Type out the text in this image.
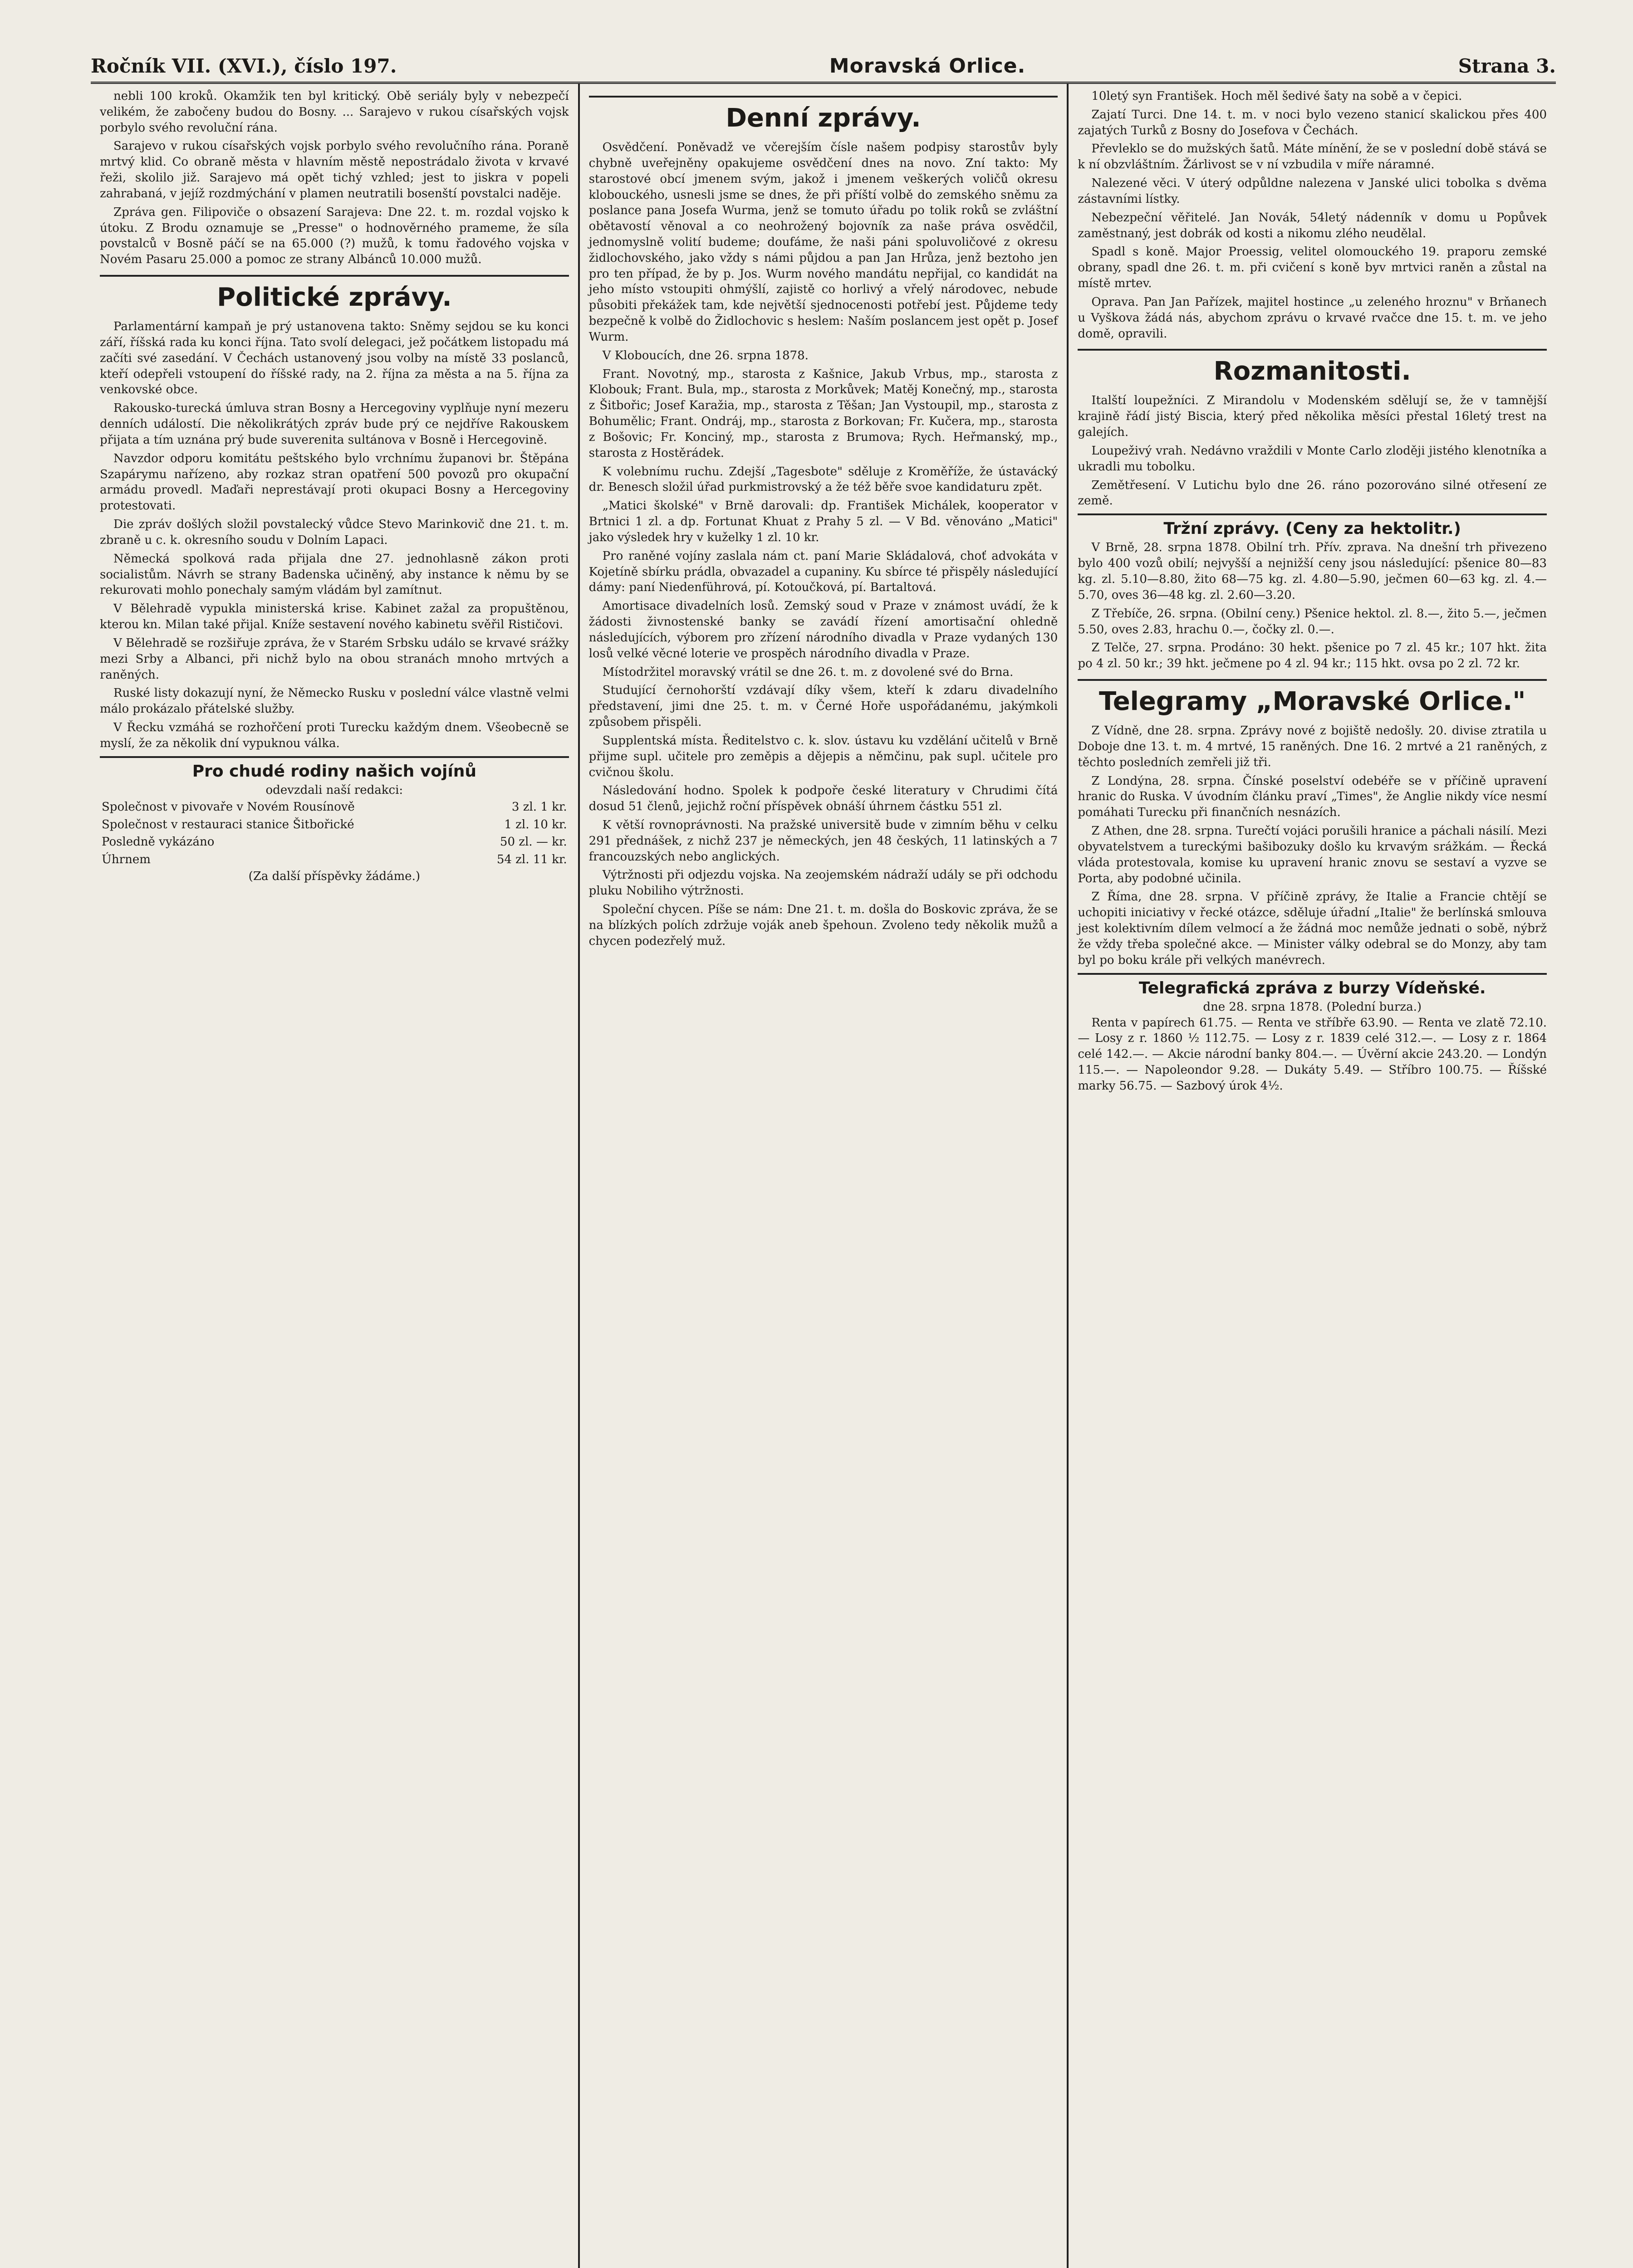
Ročník VII. (XVI.), číslo 197.	Moravská Orlice.	Strana 3.

nebli 100 kroků. Okamžik ten byl kritický. Obě seriály byly v nebezpečí velikém, že zabočeny budou do Bosny. ... Sarajevo v rukou císařských vojsk porbylo svého revoluční rána.

Sarajevo v rukou císařských vojsk porbylo svého revolučního rána. Poraně mrtvý klid. Co obraně města v hlavním městě nepostrádalo života v krvavé řeži, skolilo již. Sarajevo má opět tichý vzhled; jest to jiskra v popeli zahrabaná, v jejíž rozdmýchání v plamen neutratili bosenští povstalci naděje.

Zpráva gen. Filipoviče o obsazení Sarajeva: Dne 22. t. m. rozdal vojsko k útoku. Z Brodu oznamuje se „Presse" o hodnověrného prameme, že síla povstalců v Bosně páčí se na 65.000 (?) mužů, k tomu řadového vojska v Novém Pasaru 25.000 a pomoc ze strany Albánců 10.000 mužů.

Politické zprávy.

Parlamentární kampaň je prý ustanovena takto: Sněmy sejdou se ku konci září, říšská rada ku konci října. Tato svolí delegaci, jež počátkem listopadu má začíti své zasedání. V Čechách ustanovený jsou volby na místě 33 poslanců, kteří odepřeli vstoupení do říšské rady, na 2. října za města a na 5. října za venkovské obce.

Rakousko-turecká úmluva stran Bosny a Hercegoviny vyplňuje nyní mezeru denních událostí. Die několikrátých zpráv bude prý ce nejdříve Rakouskem přijata a tím uznána prý bude suverenita sultánova v Bosně i Hercegovině.

Navzdor odporu komitátu peštského bylo vrchnímu županovi br. Štěpána Szapárymu nařízeno, aby rozkaz stran opatření 500 povozů pro okupační armádu provedl. Maďaři neprestávají proti okupaci Bosny a Hercegoviny protestovati.

Die zpráv došlých složil povstalecký vůdce Stevo Marinkovič dne 21. t. m. zbraně u c. k. okresního soudu v Dolním Lapaci.

Německá spolková rada přijala dne 27. jednohlasně zákon proti socialistům. Návrh se strany Badenska učiněný, aby instance k němu by se rekurovati mohlo ponechaly samým vládám byl zamítnut.

V Bělehradě vypukla ministerská krise. Kabinet zažal za propuštěnou, kterou kn. Milan také přijal. Kníže sestavení nového kabinetu svěřil Rističovi.

V Bělehradě se rozšiřuje zpráva, že v Starém Srbsku událo se krvavé srážky mezi Srby a Albanci, při nichž bylo na obou stranách mnoho mrtvých a raněných.

Ruské listy dokazují nyní, že Německo Rusku v poslední válce vlastně velmi málo prokázalo přátelské služby.

V Řecku vzmáhá se rozhořčení proti Turecku každým dnem. Všeobecně se myslí, že za několik dní vypuknou válka.

Pro chudé rodiny našich vojínů
odevzdali naší redakci:
Společnost v pivovaře v Novém Rousínově	3 zl. 1 kr.
Společnost v restauraci stanice Šitbořické	1 zl. 10 kr.
Posledně vykázáno	50 zl. — kr.
Úhrnem	54 zl. 11 kr.
(Za další příspěvky žádáme.)
Denní zprávy.

Osvědčení. Poněvadž ve včerejším čísle našem podpisy starostův byly chybně uveřejněny opakujeme osvědčení dnes na novo. Zní takto: My starostové obcí jmenem svým, jakož i jmenem veškerých voličů okresu klobouckého, usnesli jsme se dnes, že při příští volbě do zemského sněmu za poslance pana Josefa Wurma, jenž se tomuto úřadu po tolik roků se zvláštní obětavostí věnoval a co neohrožený bojovník za naše práva osvědčil, jednomyslně volití budeme; doufáme, že naši páni spoluvoličové z okresu židlochovského, jako vždy s námi půjdou a pan Jan Hrůza, jenž beztoho jen pro ten případ, že by p. Jos. Wurm nového mandátu nepřijal, co kandidát na jeho místo vstoupiti ohmýšlí, zajistě co horlivý a vřelý národovec, nebude působiti překážek tam, kde největší sjednocenosti potřebí jest. Půjdeme tedy bezpečně k volbě do Židlochovic s heslem: Naším poslancem jest opět p. Josef Wurm.

V Kloboucích, dne 26. srpna 1878.

Frant. Novotný, mp., starosta z Kašnice, Jakub Vrbus, mp., starosta z Klobouk; Frant. Bula, mp., starosta z Morkůvek; Matěj Konečný, mp., starosta z Šitbořic; Josef Karažia, mp., starosta z Těšan; Jan Vystoupil, mp., starosta z Bohumělic; Frant. Ondráj, mp., starosta z Borkovan; Fr. Kučera, mp., starosta z Bošovic; Fr. Konciný, mp., starosta z Brumova; Rych. Heřmanský, mp., starosta z Hostěrádek.

K volebnímu ruchu. Zdejší „Tagesbote" sděluje z Kroměříže, že ústavácký dr. Benesch složil úřad purkmistrovský a že též běře svoe kandidaturu zpět.

„Matici školské" v Brně darovali: dp. František Michálek, kooperator v Brtnici 1 zl. a dp. Fortunat Khuat z Prahy 5 zl. — V Bd. věnováno „Matici" jako výsledek hry v kuželky 1 zl. 10 kr.

Pro raněné vojíny zaslala nám ct. paní Marie Skládalová, choť advokáta v Kojetíně sbírku prádla, obvazadel a cupaniny. Ku sbírce té přispěly následující dámy: paní Niedenführová, pí. Kotoučková, pí. Bartaltová.

Amortisace divadelních losů. Zemský soud v Praze v známost uvádí, že k žádosti živnostenské banky se zavádí řízení amortisační ohledně následujících, výborem pro zřízení národního divadla v Praze vydaných 130 losů velké věcné loterie ve prospěch národního divadla v Praze.

Místodržitel moravský vrátil se dne 26. t. m. z dovolené své do Brna.

Studující černohorští vzdávají díky všem, kteří k zdaru divadelního představení, jimi dne 25. t. m. v Černé Hoře uspořádanému, jakýmkoli způsobem přispěli.

Supplentská místa. Ředitelstvo c. k. slov. ústavu ku vzdělání učitelů v Brně přijme supl. učitele pro zeměpis a dějepis a němčinu, pak supl. učitele pro cvičnou školu.

Následování hodno. Spolek k podpoře české literatury v Chrudimi čítá dosud 51 členů, jejichž roční příspěvek obnáší úhrnem částku 551 zl.

K větší rovnoprávnosti. Na pražské universitě bude v zimním běhu v celku 291 přednášek, z nichž 237 je německých, jen 48 českých, 11 latinských a 7 francouzských nebo anglických.

Výtržnosti při odjezdu vojska. Na zeojemském nádraží udály se při odchodu pluku Nobiliho výtržnosti.

Společní chycen. Píše se nám: Dne 21. t. m. došla do Boskovic zpráva, že se na blízkých polích zdržuje voják aneb špehoun. Zvoleno tedy několik mužů a chycen podezřelý muž.

10letý syn František. Hoch měl šedivé šaty na sobě a v čepici.

Zajatí Turci. Dne 14. t. m. v noci bylo vezeno stanicí skalickou přes 400 zajatých Turků z Bosny do Josefova v Čechách.

Převleklo se do mužských šatů. Máte mínění, že se v poslední době stává se k ní obzvláštním. Žárlivost se v ní vzbudila v míře náramné.

Nalezené věci. V úterý odpůldne nalezena v Janské ulici tobolka s dvěma zástavními lístky.

Nebezpeční věřitelé. Jan Novák, 54letý nádenník v domu u Popůvek zaměstnaný, jest dobrák od kosti a nikomu zlého neudělal.

Spadl s koně. Major Proessig, velitel olomouckého 19. praporu zemské obrany, spadl dne 26. t. m. při cvičení s koně byv mrtvici raněn a zůstal na místě mrtev.

Oprava. Pan Jan Pařízek, majitel hostince „u zeleného hroznu" v Brňanech u Vyškova žádá nás, abychom zprávu o krvavé rvačce dne 15. t. m. ve jeho domě, opravili.

Rozmanitosti.

Italští loupežníci. Z Mirandolu v Modenském sdělují se, že v tamnější krajině řádí jistý Biscia, který před několika měsíci přestal 16letý trest na galejích.

Loupeživý vrah. Nedávno vraždili v Monte Carlo zloději jistého klenotníka a ukradli mu tobolku.

Zemětřesení. V Lutichu bylo dne 26. ráno pozorováno silné otřesení ze země.

Tržní zprávy. (Ceny za hektolitr.)

V Brně, 28. srpna 1878. Obilní trh. Přív. zprava. Na dnešní trh přivezeno bylo 400 vozů obilí; nejvyšší a nejnižší ceny jsou následující: pšenice 80—83 kg. zl. 5.10—8.80, žito 68—75 kg. zl. 4.80—5.90, ječmen 60—63 kg. zl. 4.—5.70, oves 36—48 kg. zl. 2.60—3.20.

Z Třebíče, 26. srpna. (Obilní ceny.) Pšenice hektol. zl. 8.—, žito 5.—, ječmen 5.50, oves 2.83, hrachu 0.—, čočky zl. 0.—.

Z Telče, 27. srpna. Prodáno: 30 hekt. pšenice po 7 zl. 45 kr.; 107 hkt. žita po 4 zl. 50 kr.; 39 hkt. ječmene po 4 zl. 94 kr.; 115 hkt. ovsa po 2 zl. 72 kr.

Telegramy „Moravské Orlice."

Z Vídně, dne 28. srpna. Zprávy nové z bojiště nedošly. 20. divise ztratila u Doboje dne 13. t. m. 4 mrtvé, 15 raněných. Dne 16. 2 mrtvé a 21 raněných, z těchto posledních zemřeli již tři.

Z Londýna, 28. srpna. Čínské poselství odebéře se v příčině upravení hranic do Ruska. V úvodním článku praví „Times", že Anglie nikdy více nesmí pomáhati Turecku při finančních nesnázích.

Z Athen, dne 28. srpna. Turečtí vojáci porušili hranice a páchali násilí. Mezi obyvatelstvem a tureckými bašibozuky došlo ku krvavým srážkám. — Řecká vláda protestovala, komise ku upravení hranic znovu se sestaví a vyzve se Porta, aby podobné učinila.

Z Říma, dne 28. srpna. V příčině zprávy, že Italie a Francie chtějí se uchopiti iniciativy v řecké otázce, sděluje úřadní „Italie" že berlínská smlouva jest kolektivním dílem velmocí a že žádná moc nemůže jednati o sobě, nýbrž že vždy třeba společné akce. — Minister války odebral se do Monzy, aby tam byl po boku krále při velkých manévrech.

Telegrafická zpráva z burzy Vídeňské.
dne 28. srpna 1878. (Polední burza.)

Renta v papírech 61.75. — Renta ve stříbře 63.90. — Renta ve zlatě 72.10. — Losy z r. 1860 ½ 112.75. — Losy z r. 1839 celé 312.—. — Losy z r. 1864 celé 142.—. — Akcie národní banky 804.—. — Úvěrní akcie 243.20. — Londýn 115.—. — Napoleondor 9.28. — Dukáty 5.49. — Stříbro 100.75. — Říšské marky 56.75. — Sazbový úrok 4½.
